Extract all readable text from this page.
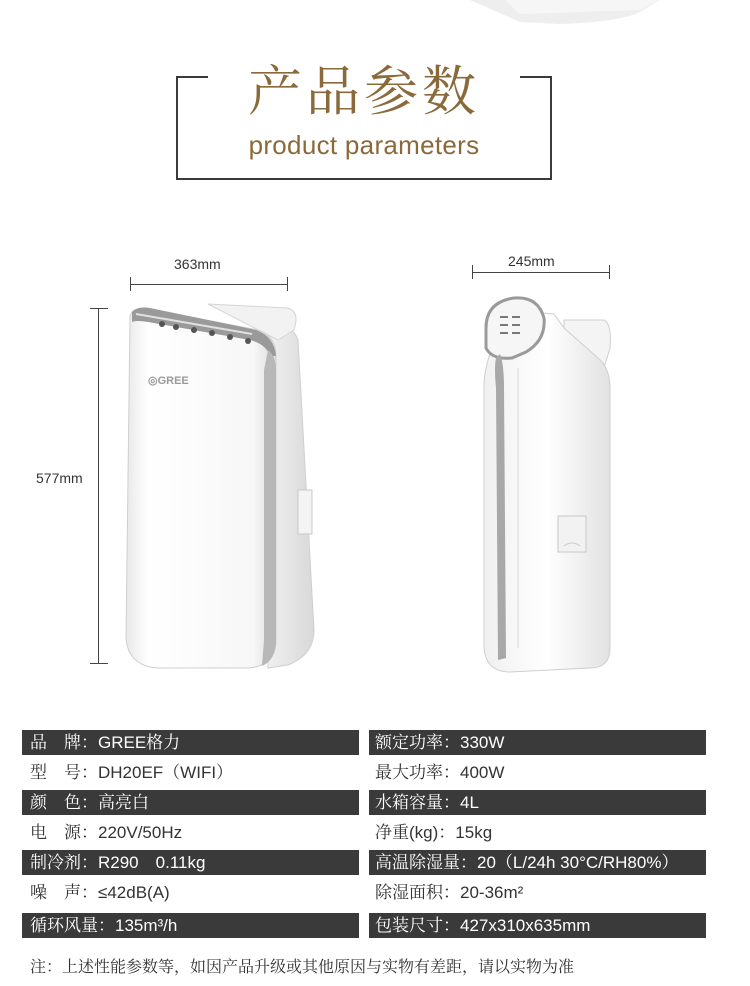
产品参数
product parameters
363mm
577mm
245mm
◎GREE
品　牌：GREE格力	额定功率：330W
型　号：DH20EF（WIFI）	最大功率：400W
颜　色：高亮白	水箱容量：4L
电　源：220V/50Hz	净重(kg)：15kg
制冷剂：R290　0.11kg	高温除湿量：20（L/24h 30°C/RH80%）
噪　声：≤42dB(A)	除湿面积：20-36m²
循环风量：135m³/h	包装尺寸：427x310x635mm
注：上述性能参数等，如因产品升级或其他原因与实物有差距，请以实物为准
